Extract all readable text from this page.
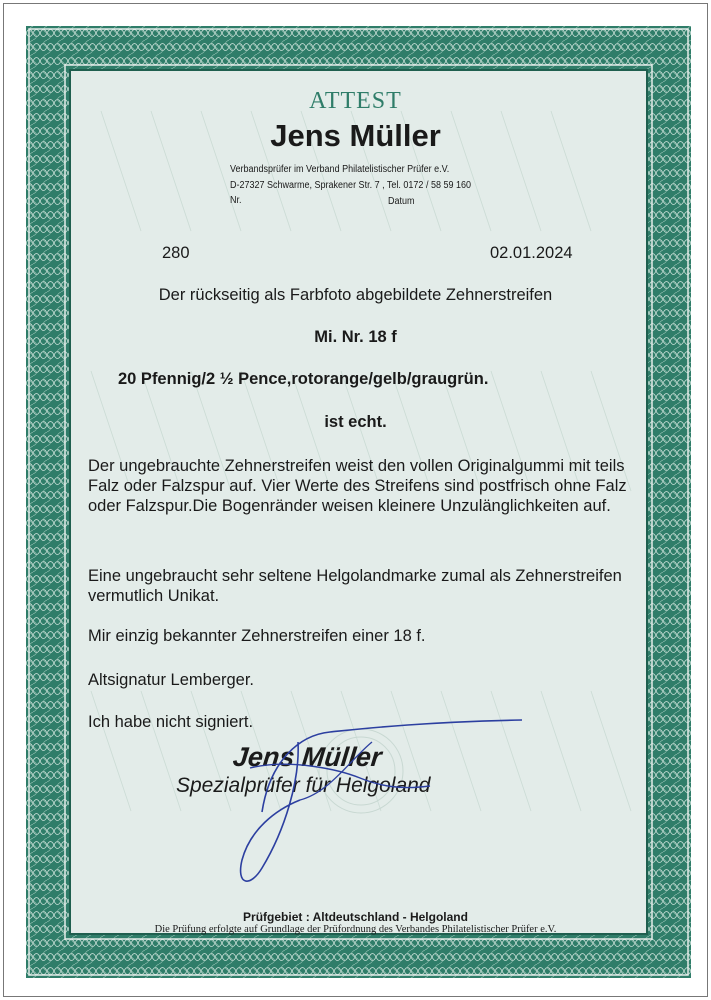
ATTEST
Jens Müller
Verbandsprüfer im Verband Philatelistischer Prüfer e.V.
D-27327 Schwarme, Sprakener Str. 7 , Tel. 0172 / 58 59 160
Nr.	Datum
280	02.01.2024
Der rückseitig als Farbfoto abgebildete Zehnerstreifen
Mi. Nr. 18 f
20 Pfennig/2 ½ Pence,rotorange/gelb/graugrün.
ist echt.
Der ungebrauchte Zehnerstreifen weist den vollen Originalgummi mit teils Falz oder Falzspur auf. Vier Werte des Streifens sind postfrisch ohne Falz oder Falzspur.Die Bogenränder weisen kleinere Unzulänglichkeiten auf.
Eine ungebraucht sehr seltene Helgolandmarke zumal als Zehnerstreifen vermutlich Unikat.
Mir einzig bekannter Zehnerstreifen einer 18 f.
Altsignatur Lemberger.
Ich habe nicht signiert.
Jens Müller
Spezialprüfer für Helgoland
Prüfgebiet : Altdeutschland - Helgoland
Die Prüfung erfolgte auf Grundlage der Prüfordnung des Verbandes Philatelistischer Prüfer e.V.
